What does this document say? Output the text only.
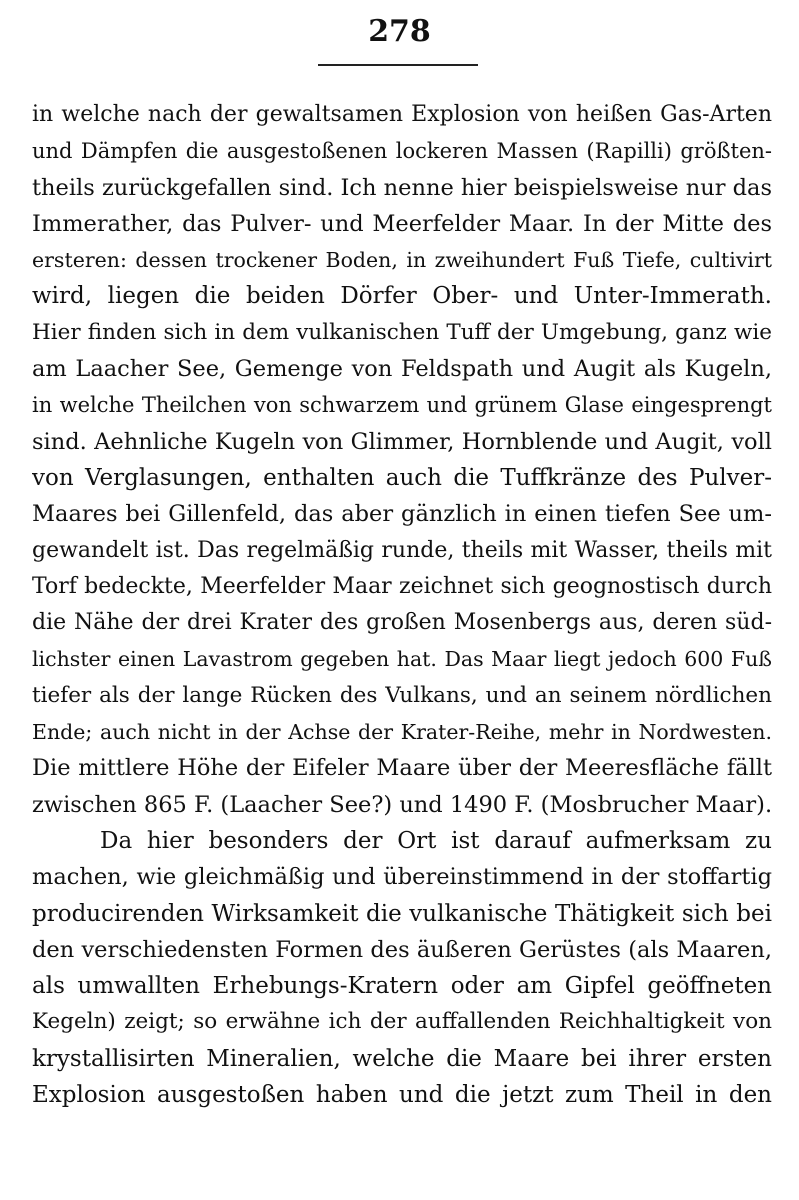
278
in welche nach der gewaltsamen Explosion von heißen Gas-Arten
und Dämpfen die ausgestoßenen lockeren Massen (Rapilli) größten-
theils zurückgefallen sind. Ich nenne hier beispielsweise nur das
Immerather, das Pulver- und Meerfelder Maar. In der Mitte des
ersteren: dessen trockener Boden, in zweihundert Fuß Tiefe, cultivirt
wird, liegen die beiden Dörfer Ober- und Unter-Immerath.
Hier finden sich in dem vulkanischen Tuff der Umgebung, ganz wie
am Laacher See, Gemenge von Feldspath und Augit als Kugeln,
in welche Theilchen von schwarzem und grünem Glase eingesprengt
sind. Aehnliche Kugeln von Glimmer, Hornblende und Augit, voll
von Verglasungen, enthalten auch die Tuffkränze des Pulver-
Maares bei Gillenfeld, das aber gänzlich in einen tiefen See um-
gewandelt ist. Das regelmäßig runde, theils mit Wasser, theils mit
Torf bedeckte, Meerfelder Maar zeichnet sich geognostisch durch
die Nähe der drei Krater des großen Mosenbergs aus, deren süd-
lichster einen Lavastrom gegeben hat. Das Maar liegt jedoch 600 Fuß
tiefer als der lange Rücken des Vulkans, und an seinem nördlichen
Ende; auch nicht in der Achse der Krater-Reihe, mehr in Nordwesten.
Die mittlere Höhe der Eifeler Maare über der Meeresfläche fällt
zwischen 865 F. (Laacher See?) und 1490 F. (Mosbrucher Maar).
Da hier besonders der Ort ist darauf aufmerksam zu
machen, wie gleichmäßig und übereinstimmend in der stoffartig
producirenden Wirksamkeit die vulkanische Thätigkeit sich bei
den verschiedensten Formen des äußeren Gerüstes (als Maaren,
als umwallten Erhebungs-Kratern oder am Gipfel geöffneten
Kegeln) zeigt; so erwähne ich der auffallenden Reichhaltigkeit von
krystallisirten Mineralien, welche die Maare bei ihrer ersten
Explosion ausgestoßen haben und die jetzt zum Theil in den
